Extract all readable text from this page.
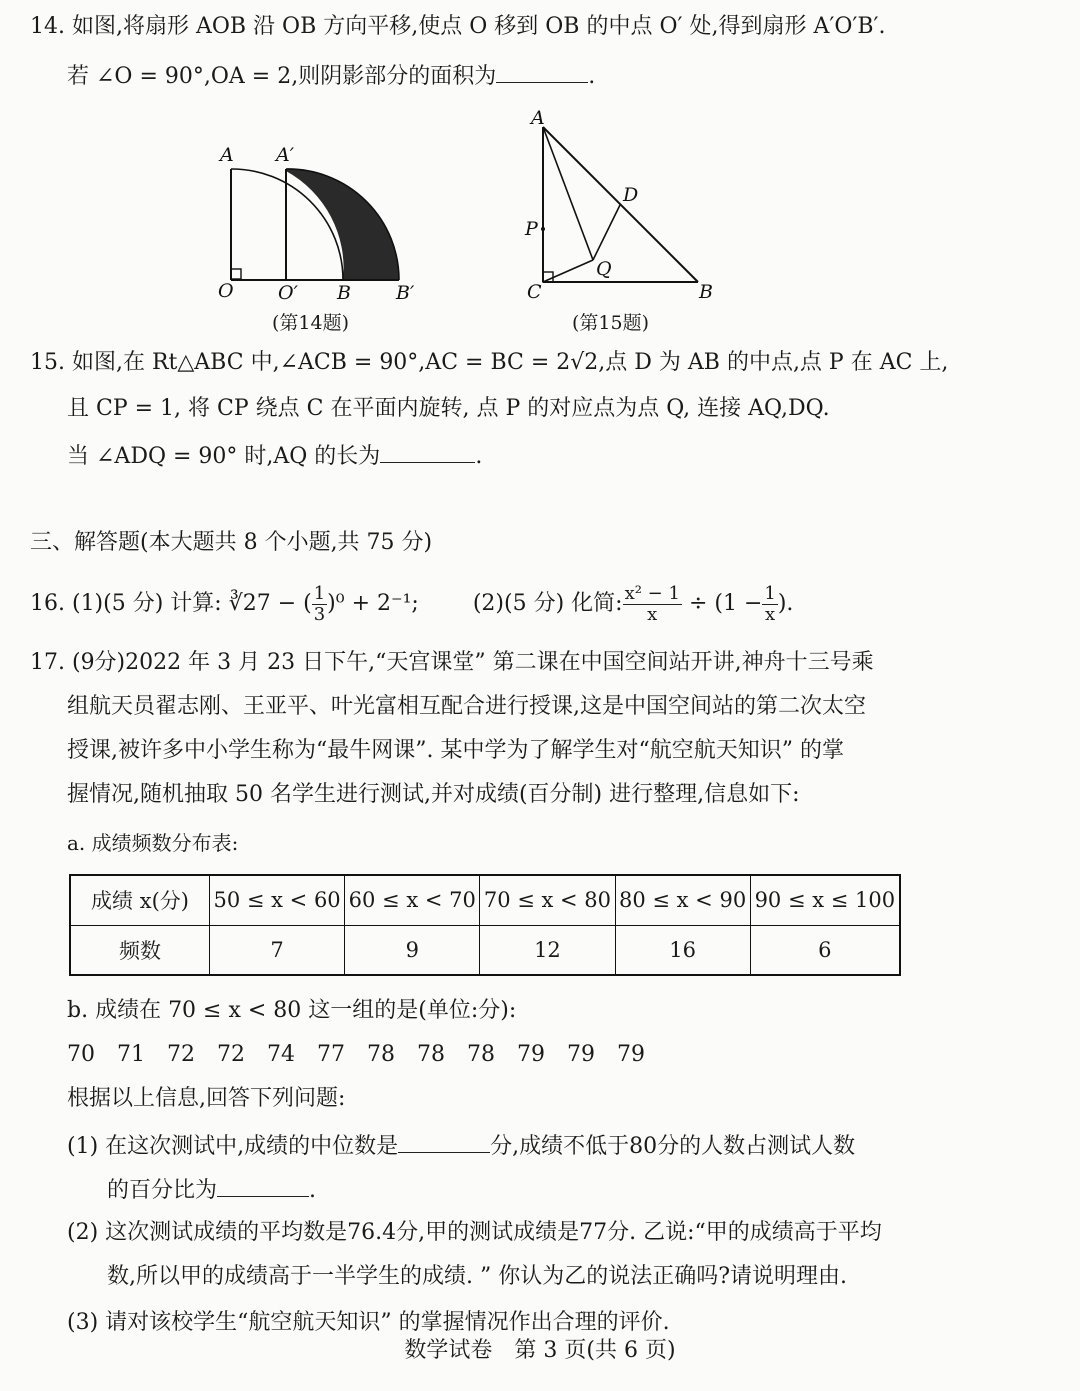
14. 如图,将扇形 AOB 沿 OB 方向平移,使点 O 移到 OB 的中点 O′ 处,得到扇形 A′O′B′.
若 ∠O = 90°,OA = 2,则阴影部分的面积为	.
A A′
O O′ B B′
(第14题)
A
D
P
Q
C	B
(第15题)
15. 如图,在 Rt△ABC 中,∠ACB = 90°,AC = BC = 2√2,点 D 为 AB 的中点,点 P 在 AC 上,
且 CP = 1, 将 CP 绕点 C 在平面内旋转, 点 P 的对应点为点 Q, 连接 AQ,DQ.
当 ∠ADQ = 90° 时,AQ 的长为	.
三、解答题(本大题共 8 个小题,共 75 分)
16. (1)(5 分) 计算: ∛27 − ( $\frac{1}{3} )^0 + 2^{-1}$; (2)(5 分) 化简: $\frac{\text{x² − 1}}{x} \div (1 - \frac{1}{x}$ ).
17. (9分)2022 年 3 月 23 日下午,“天宫课堂” 第二课在中国空间站开讲,神舟十三号乘
组航天员翟志刚、王亚平、叶光富相互配合进行授课,这是中国空间站的第二次太空
授课,被许多中小学生称为“最牛网课”. 某中学为了解学生对“航空航天知识” 的掌
握情况,随机抽取 50 名学生进行测试,并对成绩(百分制) 进行整理,信息如下:
a. 成绩频数分布表:
成绩 x(分)	50 ≤ x < 60	60 ≤ x < 70	70 ≤ x < 80	80 ≤ x < 90	90 ≤ x ≤ 100
频数	7	9	12	16	6
b. 成绩在 70 ≤ x < 80 这一组的是(单位:分):
70 71 72 72 74 77 78 78 78 79 79 79
根据以上信息,回答下列问题:
(1) 在这次测试中,成绩的中位数是	分,成绩不低于80分的人数占测试人数
的百分比为	.
(2) 这次测试成绩的平均数是76.4分,甲的测试成绩是77分. 乙说:“甲的成绩高于平均
数,所以甲的成绩高于一半学生的成绩. ” 你认为乙的说法正确吗?请说明理由.
(3) 请对该校学生“航空航天知识” 的掌握情况作出合理的评价.
数学试卷　第 3 页(共 6 页)
